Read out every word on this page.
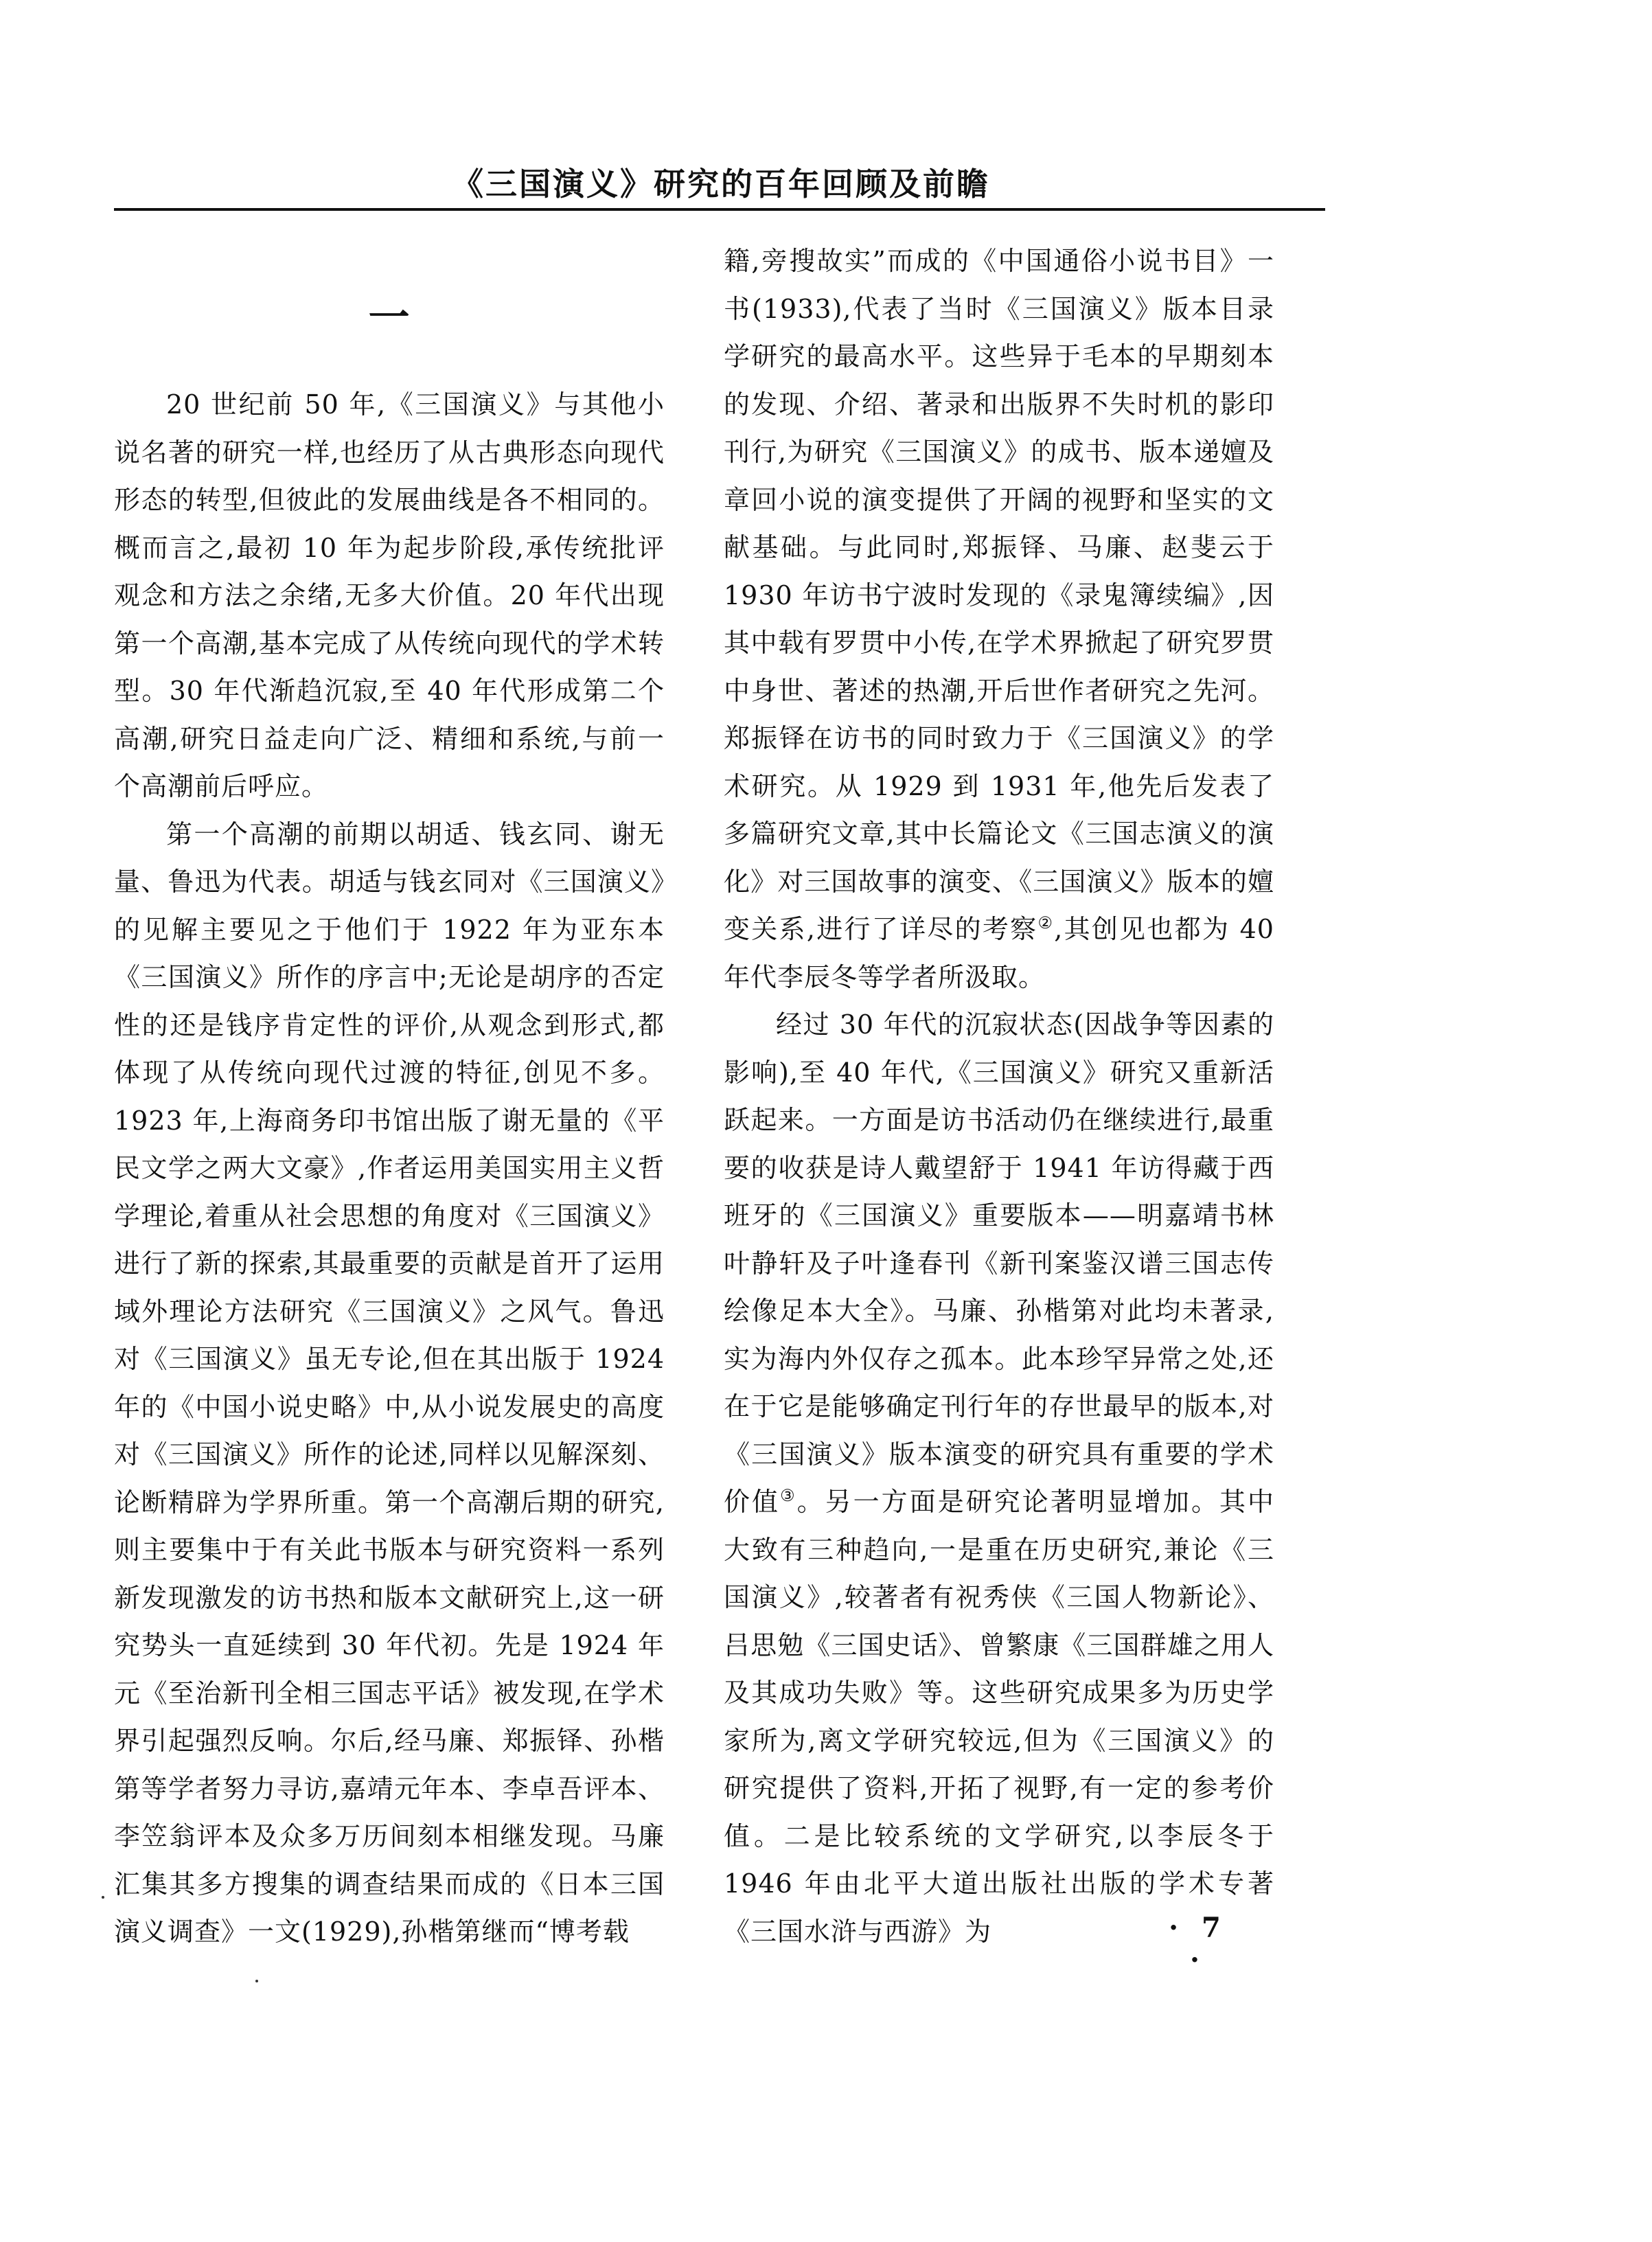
《三国演义》研究的百年回顾及前瞻
一

20 世纪前 50 年,《三国演义》与其他小说名著的研究一样,也经历了从古典形态向现代形态的转型,但彼此的发展曲线是各不相同的。概而言之,最初 10 年为起步阶段,承传统批评观念和方法之余绪,无多大价值。20 年代出现第一个高潮,基本完成了从传统向现代的学术转型。30 年代渐趋沉寂,至 40 年代形成第二个高潮,研究日益走向广泛、精细和系统,与前一个高潮前后呼应。

第一个高潮的前期以胡适、钱玄同、谢无量、鲁迅为代表。胡适与钱玄同对《三国演义》的见解主要见之于他们于 1922 年为亚东本《三国演义》所作的序言中;无论是胡序的否定性的还是钱序肯定性的评价,从观念到形式,都体现了从传统向现代过渡的特征,创见不多。1923 年,上海商务印书馆出版了谢无量的《平民文学之两大文豪》,作者运用美国实用主义哲学理论,着重从社会思想的角度对《三国演义》进行了新的探索,其最重要的贡献是首开了运用域外理论方法研究《三国演义》之风气。鲁迅对《三国演义》虽无专论,但在其出版于 1924 年的《中国小说史略》中,从小说发展史的高度对《三国演义》所作的论述,同样以见解深刻、论断精辟为学界所重。第一个高潮后期的研究,则主要集中于有关此书版本与研究资料一系列新发现激发的访书热和版本文献研究上,这一研究势头一直延续到 30 年代初。先是 1924 年元《至治新刊全相三国志平话》被发现,在学术界引起强烈反响。尔后,经马廉、郑振铎、孙楷第等学者努力寻访,嘉靖元年本、李卓吾评本、李笠翁评本及众多万历间刻本相继发现。马廉汇集其多方搜集的调查结果而成的《日本三国演义调查》一文(1929),孙楷第继而“博考载

籍,旁搜故实”而成的《中国通俗小说书目》一书(1933),代表了当时《三国演义》版本目录学研究的最高水平。这些异于毛本的早期刻本的发现、介绍、著录和出版界不失时机的影印刊行,为研究《三国演义》的成书、版本递嬗及章回小说的演变提供了开阔的视野和坚实的文献基础。与此同时,郑振铎、马廉、赵斐云于 1930 年访书宁波时发现的《录鬼簿续编》,因其中载有罗贯中小传,在学术界掀起了研究罗贯中身世、著述的热潮,开后世作者研究之先河。郑振铎在访书的同时致力于《三国演义》的学术研究。从 1929 到 1931 年,他先后发表了多篇研究文章,其中长篇论文《三国志演义的演化》对三国故事的演变、《三国演义》版本的嬗变关系,进行了详尽的考察②,其创见也都为 40 年代李辰冬等学者所汲取。

经过 30 年代的沉寂状态(因战争等因素的影响),至 40 年代,《三国演义》研究又重新活跃起来。一方面是访书活动仍在继续进行,最重要的收获是诗人戴望舒于 1941 年访得藏于西班牙的《三国演义》重要版本——明嘉靖书林叶静轩及子叶逢春刊《新刊案鉴汉谱三国志传绘像足本大全》。马廉、孙楷第对此均未著录,实为海内外仅存之孤本。此本珍罕异常之处,还在于它是能够确定刊行年的存世最早的版本,对《三国演义》版本演变的研究具有重要的学术价值③。另一方面是研究论著明显增加。其中大致有三种趋向,一是重在历史研究,兼论《三国演义》,较著者有祝秀侠《三国人物新论》、吕思勉《三国史话》、曾繁康《三国群雄之用人及其成功失败》等。这些研究成果多为历史学家所为,离文学研究较远,但为《三国演义》的研究提供了资料,开拓了视野,有一定的参考价值。二是比较系统的文学研究,以李辰冬于 1946 年由北平大道出版社出版的学术专著《三国水浒与西游》为	· 7 ·
